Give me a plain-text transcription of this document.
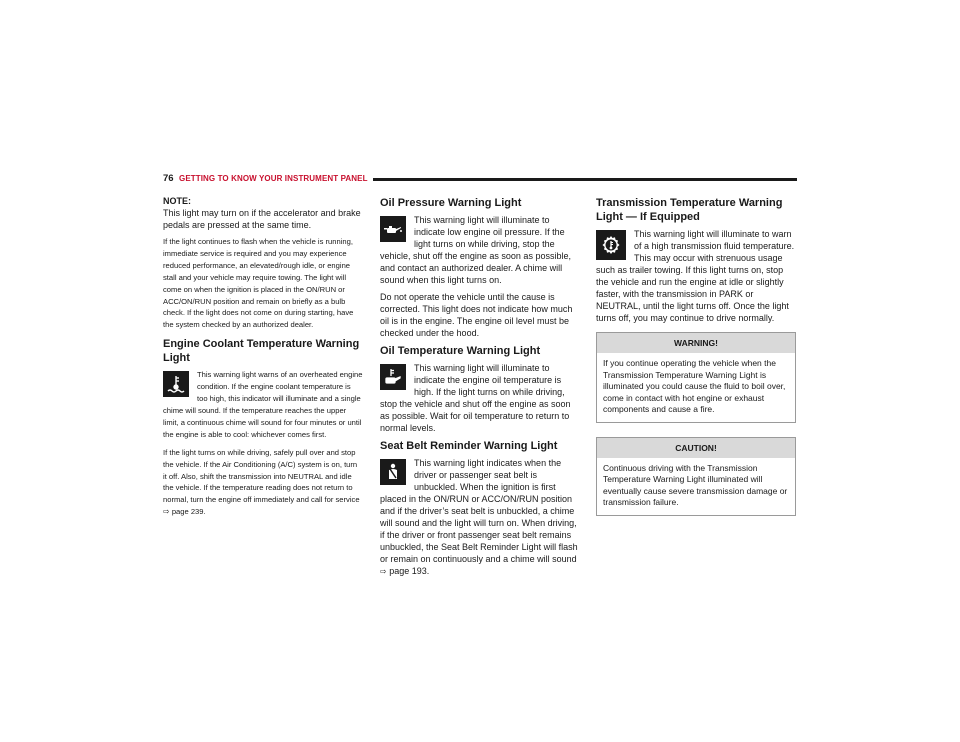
76 GETTING TO KNOW YOUR INSTRUMENT PANEL
NOTE:

This light may turn on if the accelerator and brake pedals are pressed at the same time.

If the light continues to flash when the vehicle is running, immediate service is required and you may experience reduced performance, an elevated/rough idle, or engine stall and your vehicle may require towing. The light will come on when the ignition is placed in the ON/RUN or ACC/ON/RUN position and remain on briefly as a bulb check. If the light does not come on during starting, have the system checked by an authorized dealer.

Engine Coolant Temperature Warning Light

This warning light warns of an overheated engine condition. If the engine coolant temperature is too high, this indicator will illuminate and a single chime will sound. If the temperature reaches the upper limit, a continuous chime will sound for four minutes or until the engine is able to cool: whichever comes first.

If the light turns on while driving, safely pull over and stop the vehicle. If the Air Conditioning (A/C) system is on, turn it off. Also, shift the transmission into NEUTRAL and idle the vehicle. If the temperature reading does not return to normal, turn the engine off immediately and call for service ⇨ page 239.

Oil Pressure Warning Light

This warning light will illuminate to indicate low engine oil pressure. If the light turns on while driving, stop the vehicle, shut off the engine as soon as possible, and contact an authorized dealer. A chime will sound when this light turns on.

Do not operate the vehicle until the cause is corrected. This light does not indicate how much oil is in the engine. The engine oil level must be checked under the hood.

Oil Temperature Warning Light

This warning light will illuminate to indicate the engine oil temperature is high. If the light turns on while driving, stop the vehicle and shut off the engine as soon as possible. Wait for oil temperature to return to normal levels.

Seat Belt Reminder Warning Light

This warning light indicates when the driver or passenger seat belt is unbuckled. When the ignition is first placed in the ON/RUN or ACC/ON/RUN position and if the driver’s seat belt is unbuckled, a chime will sound and the light will turn on. When driving, if the driver or front passenger seat belt remains unbuckled, the Seat Belt Reminder Light will flash or remain on continuously and a chime will sound ⇨ page 193.

Transmission Temperature Warning Light — If Equipped

This warning light will illuminate to warn of a high transmission fluid temperature. This may occur with strenuous usage such as trailer towing. If this light turns on, stop the vehicle and run the engine at idle or slightly faster, with the transmission in PARK or NEUTRAL, until the light turns off. Once the light turns off, you may continue to drive normally.

WARNING!
If you continue operating the vehicle when the Transmission Temperature Warning Light is illuminated you could cause the fluid to boil over, come in contact with hot engine or exhaust components and cause a fire.
CAUTION!
Continuous driving with the Transmission Temperature Warning Light illuminated will eventually cause severe transmission damage or transmission failure.
